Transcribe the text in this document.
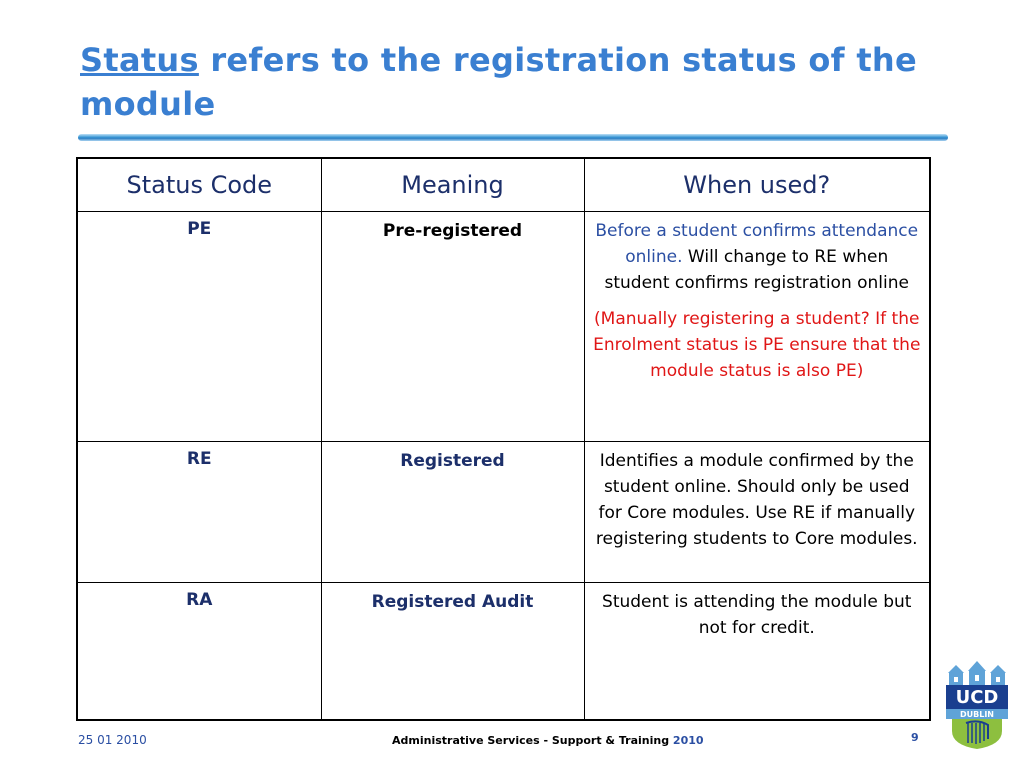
Status refers to the registration status of the module
Status Code	Meaning	When used?
PE	Pre-registered	Before a student confirms attendance online. Will change to RE when student confirms registration online
(Manually registering a student? If the Enrolment status is PE ensure that the module status is also PE)

RE	Registered	Identifies a module confirmed by the student online. Should only be used for Core modules. Use RE if manually registering students to Core modules.
RA	Registered Audit	Student is attending the module but not for credit.
25 01 2010	Administrative Services - Support & Training 2010	9
UCD
DUBLIN
